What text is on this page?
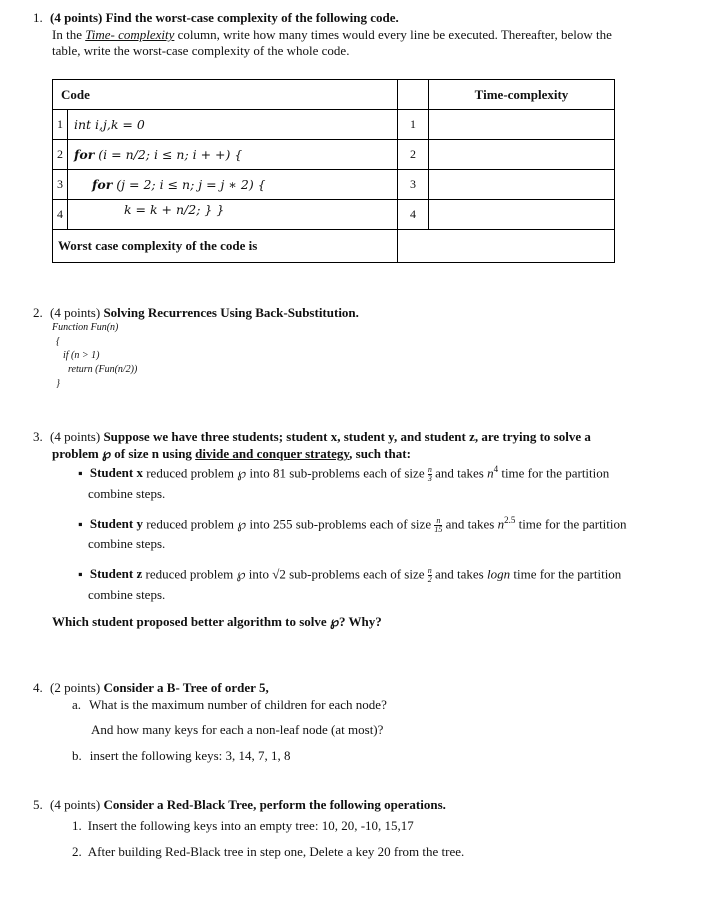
1. (4 points) Find the worst-case complexity of the following code.
In the Time- complexity column, write how many times would every line be executed. Thereafter, below the
table, write the worst-case complexity of the whole code.
Code		Time-complexity

1 int i,j,k = 0	1	

2 for (i = n/2; i ≤ n; i + +) {	2	

3 for (j = 2; i ≤ n; j = j ∗ 2) {	3	

4 k = k + n/2; } }	4	
Worst case complexity of the code is		
2. (4 points) Solving Recurrences Using Back-Substitution.
Function Fun(n)
{
if (n > 1)
return (Fun(n/2))
}
3. (4 points) Suppose we have three students; student x, student y, and student z, are trying to solve a
problem ℘ of size n using divide and conquer strategy, such that:
▪ Student x reduced problem ℘ into 81 sub-problems each of size $\frac{n}{3}$ and takes $n^4$ time for the partition
combine steps.
▪ Student y reduced problem ℘ into 255 sub-problems each of size $\frac{n}{15}$ and takes $n^{2.5}$ time for the partition
combine steps.
▪ Student z reduced problem ℘ into √2 sub-problems each of size $\frac{n}{2}$ and takes logn time for the partition
combine steps.
Which student proposed better algorithm to solve ℘? Why?
4. (2 points) Consider a B- Tree of order 5,
a. What is the maximum number of children for each node?
And how many keys for each a non-leaf node (at most)?
b. insert the following keys: 3, 14, 7, 1, 8
5. (4 points) Consider a Red-Black Tree, perform the following operations.
1. Insert the following keys into an empty tree: 10, 20, -10, 15,17
2. After building Red-Black tree in step one, Delete a key 20 from the tree.
